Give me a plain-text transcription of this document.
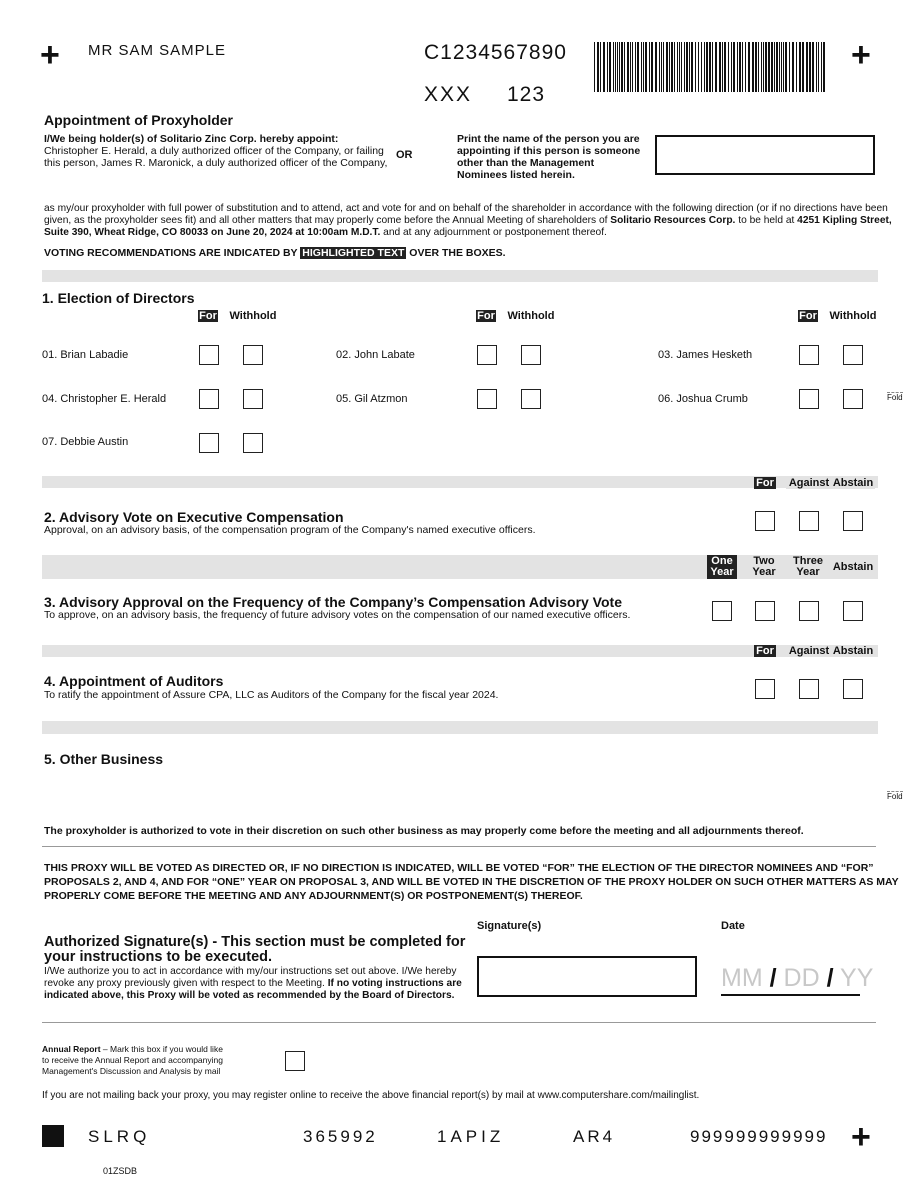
+ MR SAM SAMPLE	C1234567890
XXX 123
+
Appointment of Proxyholder
I/We being holder(s) of Solitario Zinc Corp. hereby appoint:
Christopher E. Herald, a duly authorized officer of the Company, or failing
this person, James R. Maronick, a duly authorized officer of the Company,
OR
Print the name of the person you are
appointing if this person is someone
other than the Management
Nominees listed herein.
as my/our proxyholder with full power of substitution and to attend, act and vote for and on behalf of the shareholder in accordance with the following direction (or if no directions have been
given, as the proxyholder sees fit) and all other matters that may properly come before the Annual Meeting of shareholders of Solitario Resources Corp. to be held at 4251 Kipling Street,
Suite 390, Wheat Ridge, CO 80033 on June 20, 2024 at 10:00am M.D.T. and at any adjournment or postponement thereof.
VOTING RECOMMENDATIONS ARE INDICATED BY HIGHLIGHTED TEXT OVER THE BOXES.
1. Election of Directors
For Withhold	For Withhold	For Withhold
01. Brian Labadie	02. John Labate	03. James Hesketh
04. Christopher E. Herald	05. Gil Atzmon	06. Joshua Crumb	Fold
07. Debbie Austin
For Against Abstain
2. Advisory Vote on Executive Compensation
Approval, on an advisory basis, of the compensation program of the Company's named executive officers.
One
Year
Two
Year
Three
Year	Abstain
3. Advisory Approval on the Frequency of the Company’s Compensation Advisory Vote
To approve, on an advisory basis, the frequency of future advisory votes on the compensation of our named executive officers.
For Against Abstain
4. Appointment of Auditors
To ratify the appointment of Assure CPA, LLC as Auditors of the Company for the fiscal year 2024.
5. Other Business
Fold
The proxyholder is authorized to vote in their discretion on such other business as may properly come before the meeting and all adjournments thereof.
THIS PROXY WILL BE VOTED AS DIRECTED OR, IF NO DIRECTION IS INDICATED, WILL BE VOTED “FOR” THE ELECTION OF THE DIRECTOR NOMINEES AND “FOR”
PROPOSALS 2, AND 4, AND FOR “ONE” YEAR ON PROPOSAL 3, AND WILL BE VOTED IN THE DISCRETION OF THE PROXY HOLDER ON SUCH OTHER MATTERS AS MAY
PROPERLY COME BEFORE THE MEETING AND ANY ADJOURNMENT(S) OR POSTPONEMENT(S) THEREOF.
Signature(s)	Date
Authorized Signature(s) - This section must be completed for
your instructions to be executed.
I/We authorize you to act in accordance with my/our instructions set out above. I/We hereby
revoke any proxy previously given with respect to the Meeting. If no voting instructions are
indicated above, this Proxy will be voted as recommended by the Board of Directors.
MM / DD / YY
Annual Report – Mark this box if you would like
to receive the Annual Report and accompanying
Management's Discussion and Analysis by mail
If you are not mailing back your proxy, you may register online to receive the above financial report(s) by mail at www.computershare.com/mailinglist.
SLRQ	365992	1APIZ	AR4	999999999999 +
01ZSDB
